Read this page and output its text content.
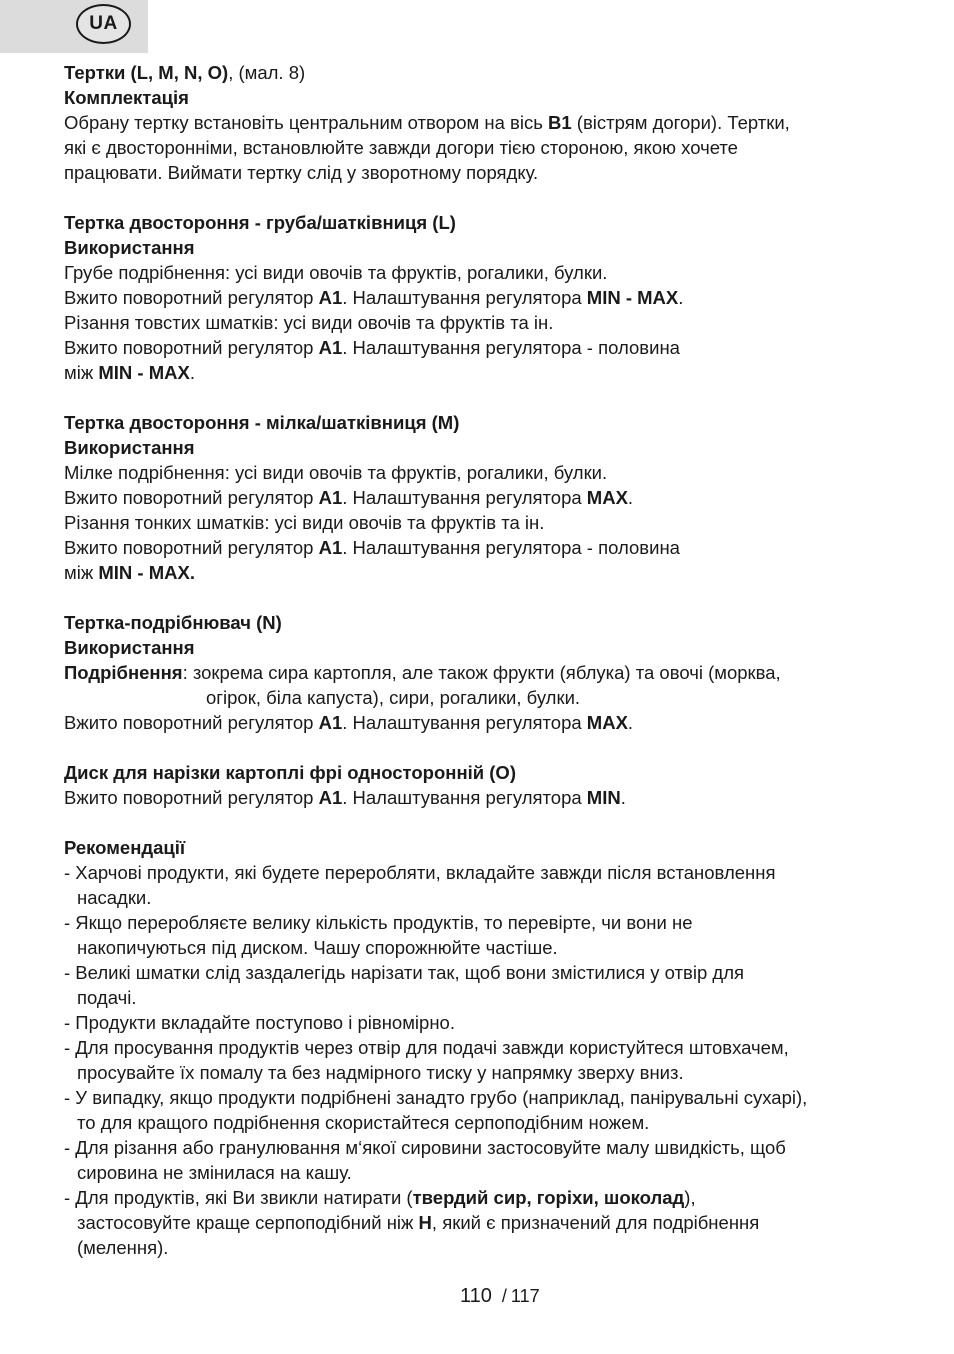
UA
Тертки (L, M, N, O), (мал. 8)
Комплектація
Обрану тертку встановіть центральним отвором на вісь B1 (вістрям догори). Тертки,
які є двосторонніми, встановлюйте завжди догори тією стороною, якою хочете
працювати. Виймати тертку слід у зворотному порядку.
Тертка двостороння - груба/шатківниця (L)
Використання
Грубе подрібнення: усі види овочів та фруктів, рогалики, булки.
Вжито поворотний регулятор A1. Налаштування регулятора MIN - MAX.
Різання товстих шматків: усі види овочів та фруктів та ін.
Вжито поворотний регулятор A1. Налаштування регулятора - половина
між MIN - MAX.
Тертка двостороння - мілка/шатківниця (M)
Використання
Мілке подрібнення: усі види овочів та фруктів, рогалики, булки.
Вжито поворотний регулятор A1. Налаштування регулятора MAX.
Різання тонких шматків: усі види овочів та фруктів та ін.
Вжито поворотний регулятор A1. Налаштування регулятора - половина
між MIN - MAX.
Тертка-подрібнювач (N)
Використання
Подрібнення: зокрема сира картопля, але також фрукти (яблука) та овочі (морква,
огірок, біла капуста), сири, рогалики, булки.
Вжито поворотний регулятор A1. Налаштування регулятора MAX.
Диск для нарізки картоплі фрі односторонній (O)
Вжито поворотний регулятор A1. Налаштування регулятора MIN.
Рекомендації
- Харчові продукти, які будете переробляти, вкладайте завжди після встановлення
насадки.
- Якщо переробляєте велику кількість продуктів, то перевірте, чи вони не
накопичуються під диском. Чашу спорожнюйте частіше.
- Великі шматки слід заздалегідь нарізати так, щоб вони змістилися у отвір для
подачі.
- Продукти вкладайте поступово і рівномірно.
- Для просування продуктів через отвір для подачі завжди користуйтеся штовхачем,
просувайте їх помалу та без надмірного тиску у напрямку зверху вниз.
- У випадку, якщо продукти подрібнені занадто грубо (наприклад, панірувальні сухарі),
то для кращого подрібнення скористайтеся серпоподібним ножем.
- Для різання або гранулювання м‘якої сировини застосовуйте малу швидкість, щоб
сировина не змінилася на кашу.
- Для продуктів, які Ви звикли натирати (твердий сир, горіхи, шоколад),
застосовуйте краще серпоподібний ніж H, який є призначений для подрібнення
(мелення).
110 / 117
